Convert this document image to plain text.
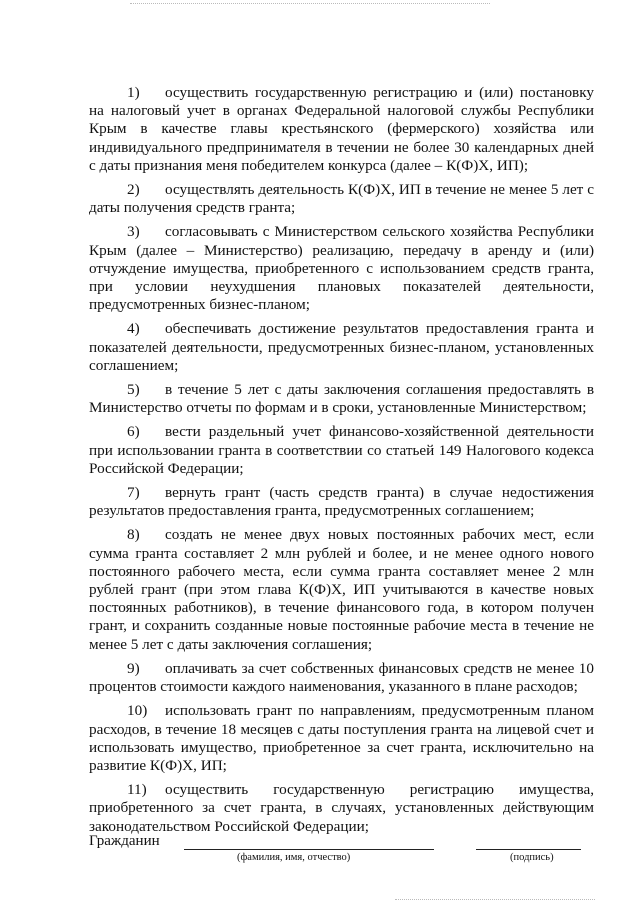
1) осуществить государственную регистрацию и (или) постановку на налоговый учет в органах Федеральной налоговой службы Республики Крым в качестве главы крестьянского (фермерского) хозяйства или индивидуального предпринимателя в течении не более 30 календарных дней с даты признания меня победителем конкурса (далее – К(Ф)Х, ИП);

2) осуществлять деятельность К(Ф)Х, ИП в течение не менее 5 лет с даты получения средств гранта;

3) согласовывать с Министерством сельского хозяйства Республики Крым (далее – Министерство) реализацию, передачу в аренду и (или) отчуждение имущества, приобретенного с использованием средств гранта, при условии неухудшения плановых показателей деятельности, предусмотренных бизнес-планом;

4) обеспечивать достижение результатов предоставления гранта и показателей деятельности, предусмотренных бизнес-планом, установленных соглашением;

5) в течение 5 лет с даты заключения соглашения предоставлять в Министерство отчеты по формам и в сроки, установленные Министерством;

6) вести раздельный учет финансово-хозяйственной деятельности при использовании гранта в соответствии со статьей 149 Налогового кодекса Российской Федерации;

7) вернуть грант (часть средств гранта) в случае недостижения результатов предоставления гранта, предусмотренных соглашением;

8) создать не менее двух новых постоянных рабочих мест, если сумма гранта составляет 2 млн рублей и более, и не менее одного нового постоянного рабочего места, если сумма гранта составляет менее 2 млн рублей грант (при этом глава К(Ф)Х, ИП учитываются в качестве новых постоянных работников), в течение финансового года, в котором получен грант, и сохранить созданные новые постоянные рабочие места в течение не менее 5 лет с даты заключения соглашения;

9) оплачивать за счет собственных финансовых средств не менее 10 процентов стоимости каждого наименования, указанного в плане расходов;

10) использовать грант по направлениям, предусмотренным планом расходов, в течение 18 месяцев с даты поступления гранта на лицевой счет и использовать имущество, приобретенное за счет гранта, исключительно на развитие К(Ф)Х, ИП;

11) осуществить государственную регистрацию имущества, приобретенного за счет гранта, в случаях, установленных действующим законодательством Российской Федерации;

Гражданин
(фамилия, имя, отчество)	(подпись)
